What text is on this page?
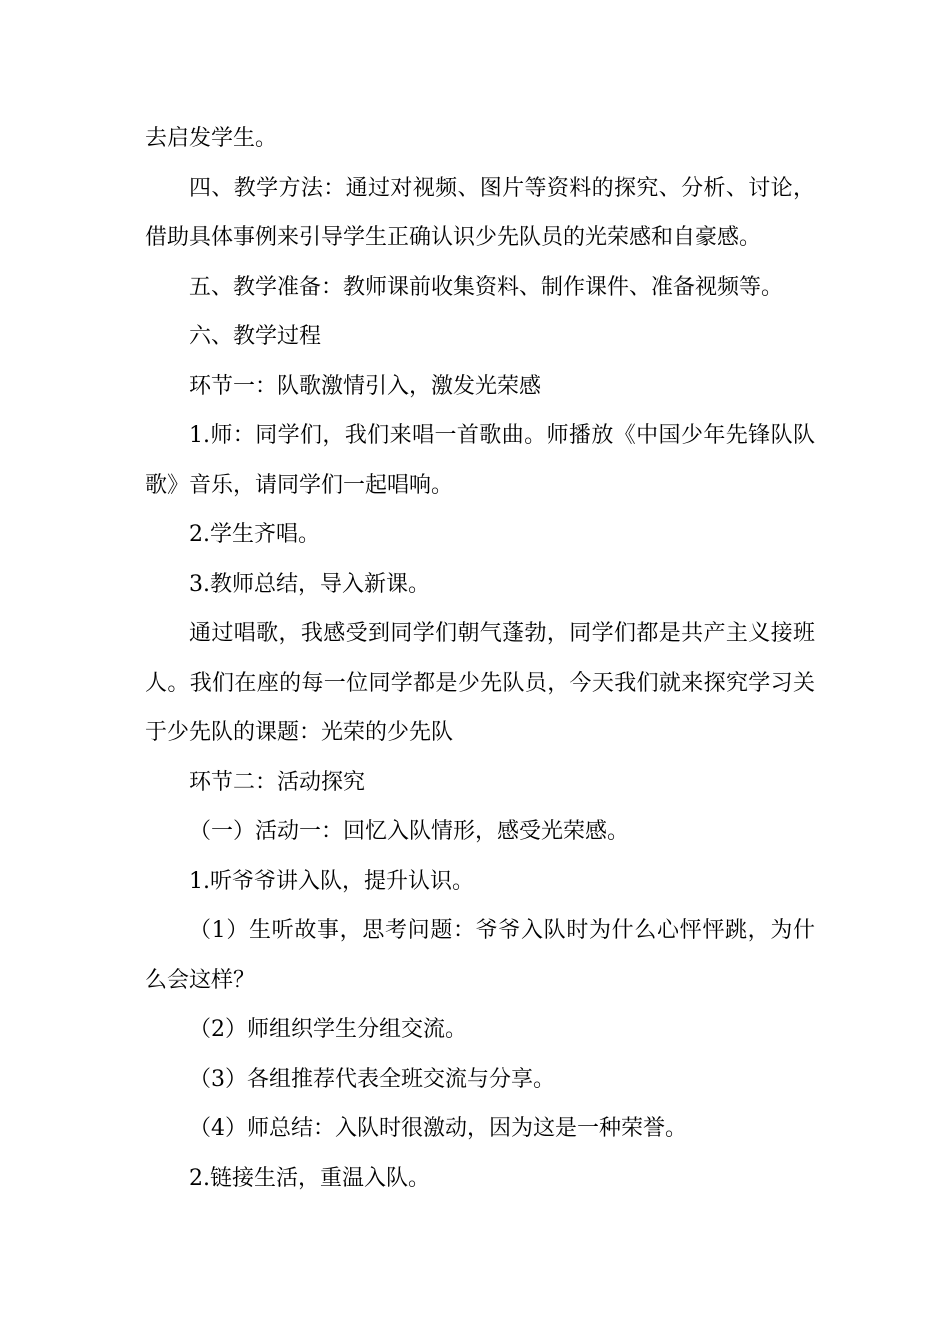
去启发学生。

四、教学方法：通过对视频、图片等资料的探究、分析、讨论，借助具体事例来引导学生正确认识少先队员的光荣感和自豪感。

五、教学准备：教师课前收集资料、制作课件、准备视频等。

六、教学过程

环节一：队歌激情引入，激发光荣感

1.师：同学们，我们来唱一首歌曲。师播放《中国少年先锋队队歌》音乐，请同学们一起唱响。

2.学生齐唱。

3.教师总结，导入新课。

通过唱歌，我感受到同学们朝气蓬勃，同学们都是共产主义接班人。我们在座的每一位同学都是少先队员，今天我们就来探究学习关于少先队的课题：光荣的少先队

环节二：活动探究

（一）活动一：回忆入队情形，感受光荣感。

1.听爷爷讲入队，提升认识。

（1）生听故事，思考问题：爷爷入队时为什么心怦怦跳，为什么会这样？

（2）师组织学生分组交流。

（3）各组推荐代表全班交流与分享。

（4）师总结：入队时很激动，因为这是一种荣誉。

2.链接生活，重温入队。
